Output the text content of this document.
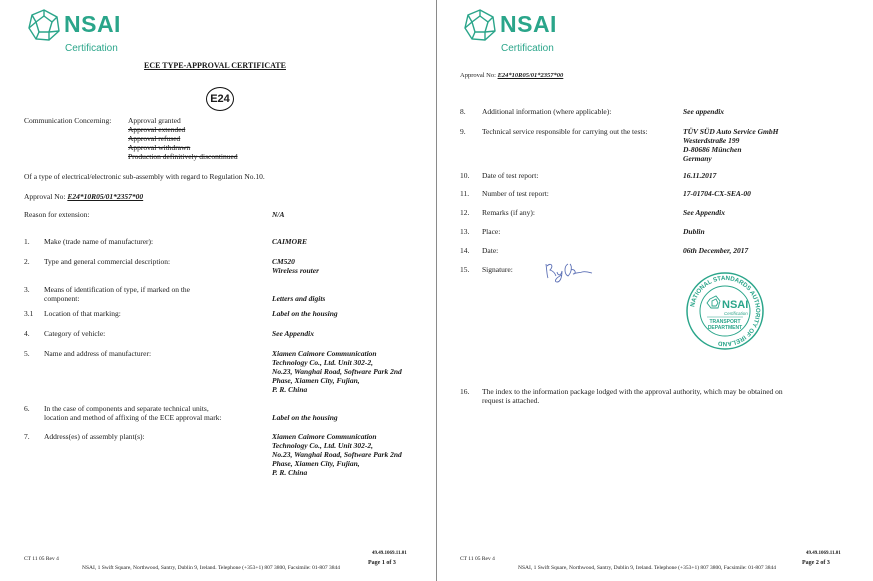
NSAI
Certification
ECE TYPE-APPROVAL CERTIFICATE
E24
Communication Concerning: Approval granted
Approval extended
Approval refused
Approval withdrawn
Production definitively discontinued
Of a type of electrical/electronic sub-assembly with regard to Regulation No.10.
Approval No: E24*10R05/01*2357*00
Reason for extension:	N/A
1. Make (trade name of manufacturer):	CAIMORE
2. Type and general commercial description:	CM520
Wireless router
3. Means of identification of type, if marked on the
component:	Letters and digits
3.1 Location of that marking:	Label on the housing
4. Category of vehicle:	See Appendix
5. Name and address of manufacturer:	Xiamen Caimore Communication
Technology Co., Ltd. Unit 302-2,
No.23, Wanghai Road, Software Park 2nd
Phase, Xiamen City, Fujian,
P. R. China
6. In the case of components and separate technical units,
location and method of affixing of the ECE approval mark:	Label on the housing
7. Address(es) of assembly plant(s):	Xiamen Caimore Communication
Technology Co., Ltd. Unit 302-2,
No.23, Wanghai Road, Software Park 2nd
Phase, Xiamen City, Fujian,
P. R. China
CT 11 05 Rev 4
NSAI, 1 Swift Square, Northwood, Santry, Dublin 9, Ireland. Telephone (+353+1) 807 3800, Facsimile: 01-807 3844
49.49.1069.11.01
Page 1 of 3
NSAI
Certification
Approval No: E24*10R05/01*2357*00
8. Additional information (where applicable):	See appendix
9. Technical service responsible for carrying out the tests:	TÜV SÜD Auto Service GmbH
Westerdstraße 199
D-80686 München
Germany
10. Date of test report:	16.11.2017
11. Number of test report:	17-01704-CX-SEA-00
12. Remarks (if any):	See Appendix
13. Place:	Dublin
14. Date:	06th December, 2017
15. Signature:
NATIONAL STANDARDS AUTHORITY OF IRELAND
NSAI
Certification
TRANSPORT
DEPARTMENT
16. The index to the information package lodged with the approval authority, which may be obtained on
request is attached.
CT 11 05 Rev 4
NSAI, 1 Swift Square, Northwood, Santry, Dublin 9, Ireland. Telephone (+353+1) 807 3800, Facsimile: 01-807 3844
49.49.1069.11.01
Page 2 of 3
